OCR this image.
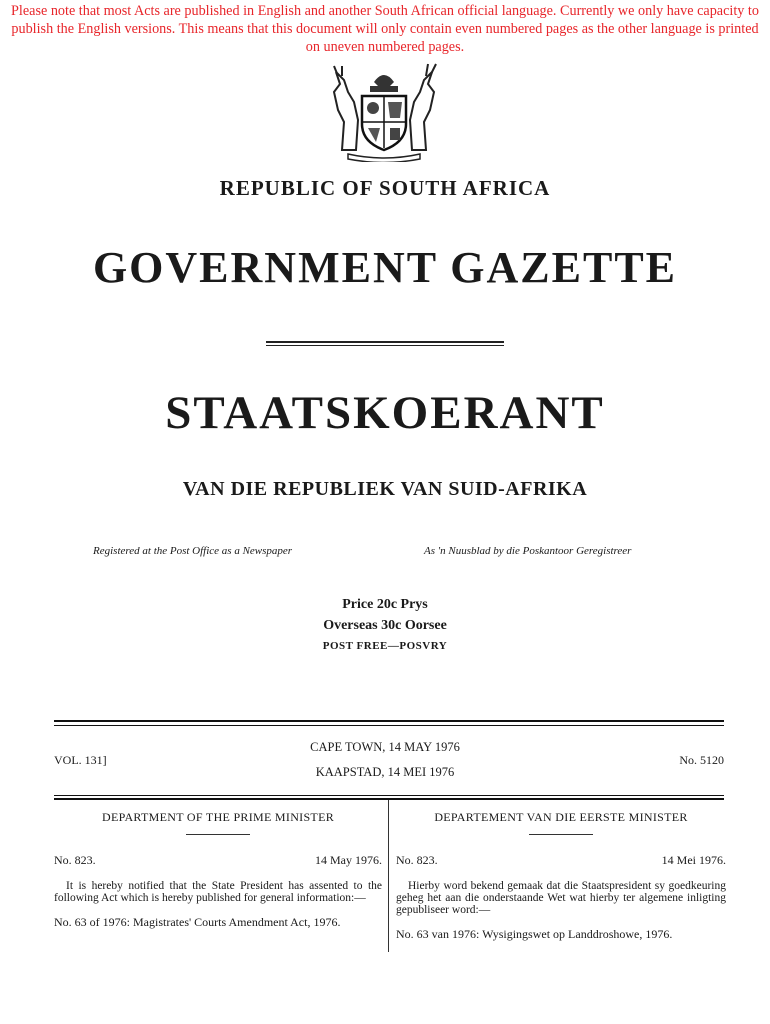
Please note that most Acts are published in English and another South African official language. Currently we only have capacity to publish the English versions. This means that this document will only contain even numbered pages as the other language is printed on uneven numbered pages.
REPUBLIC OF SOUTH AFRICA
GOVERNMENT GAZETTE
STAATSKOERANT
VAN DIE REPUBLIEK VAN SUID-AFRIKA
Registered at the Post Office as a Newspaper	As 'n Nuusblad by die Poskantoor Geregistreer
Price 20c Prys
Overseas 30c Oorsee
POST FREE—POSVRY
VOL. 131]
CAPE TOWN, 14 MAY 1976
KAAPSTAD, 14 MEI 1976
No. 5120
DEPARTMENT OF THE PRIME MINISTER
No. 823.	14 May 1976.
It is hereby notified that the State President has assented to the following Act which is hereby published for general information:—
No. 63 of 1976: Magistrates' Courts Amendment Act, 1976.
DEPARTEMENT VAN DIE EERSTE MINISTER
No. 823.	14 Mei 1976.
Hierby word bekend gemaak dat die Staatspresident sy goedkeuring geheg het aan die onderstaande Wet wat hierby ter algemene inligting gepubliseer word:—
No. 63 van 1976: Wysigingswet op Landdroshowe, 1976.
